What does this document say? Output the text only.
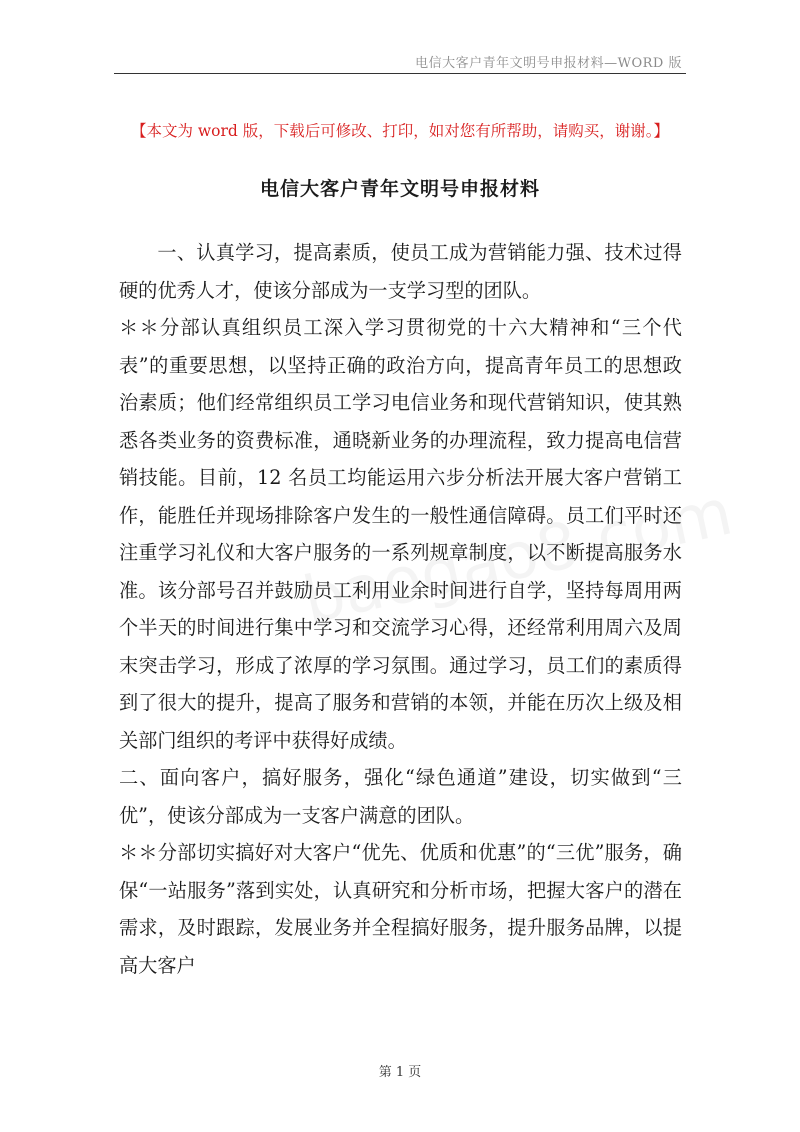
电信大客户青年文明号申报材料—WORD 版
【本文为 word 版，下载后可修改、打印，如对您有所帮助，请购买，谢谢。】
电信大客户青年文明号申报材料

一、认真学习，提高素质，使员工成为营销能力强、技术过得硬的优秀人才，使该分部成为一支学习型的团队。

＊＊分部认真组织员工深入学习贯彻党的十六大精神和“三个代表”的重要思想，以坚持正确的政治方向，提高青年员工的思想政治素质；他们经常组织员工学习电信业务和现代营销知识，使其熟悉各类业务的资费标准，通晓新业务的办理流程，致力提高电信营销技能。目前，12 名员工均能运用六步分析法开展大客户营销工作，能胜任并现场排除客户发生的一般性通信障碍。员工们平时还注重学习礼仪和大客户服务的一系列规章制度，以不断提高服务水准。该分部号召并鼓励员工利用业余时间进行自学，坚持每周用两个半天的时间进行集中学习和交流学习心得，还经常利用周六及周末突击学习，形成了浓厚的学习氛围。通过学习，员工们的素质得到了很大的提升，提高了服务和营销的本领，并能在历次上级及相关部门组织的考评中获得好成绩。

二、面向客户，搞好服务，强化“绿色通道”建设，切实做到“三优”，使该分部成为一支客户满意的团队。

＊＊分部切实搞好对大客户“优先、优质和优惠”的“三优”服务，确保“一站服务”落到实处，认真研究和分析市场，把握大客户的潜在需求，及时跟踪，发展业务并全程搞好服务，提升服务品牌，以提高大客户

第 1 页
